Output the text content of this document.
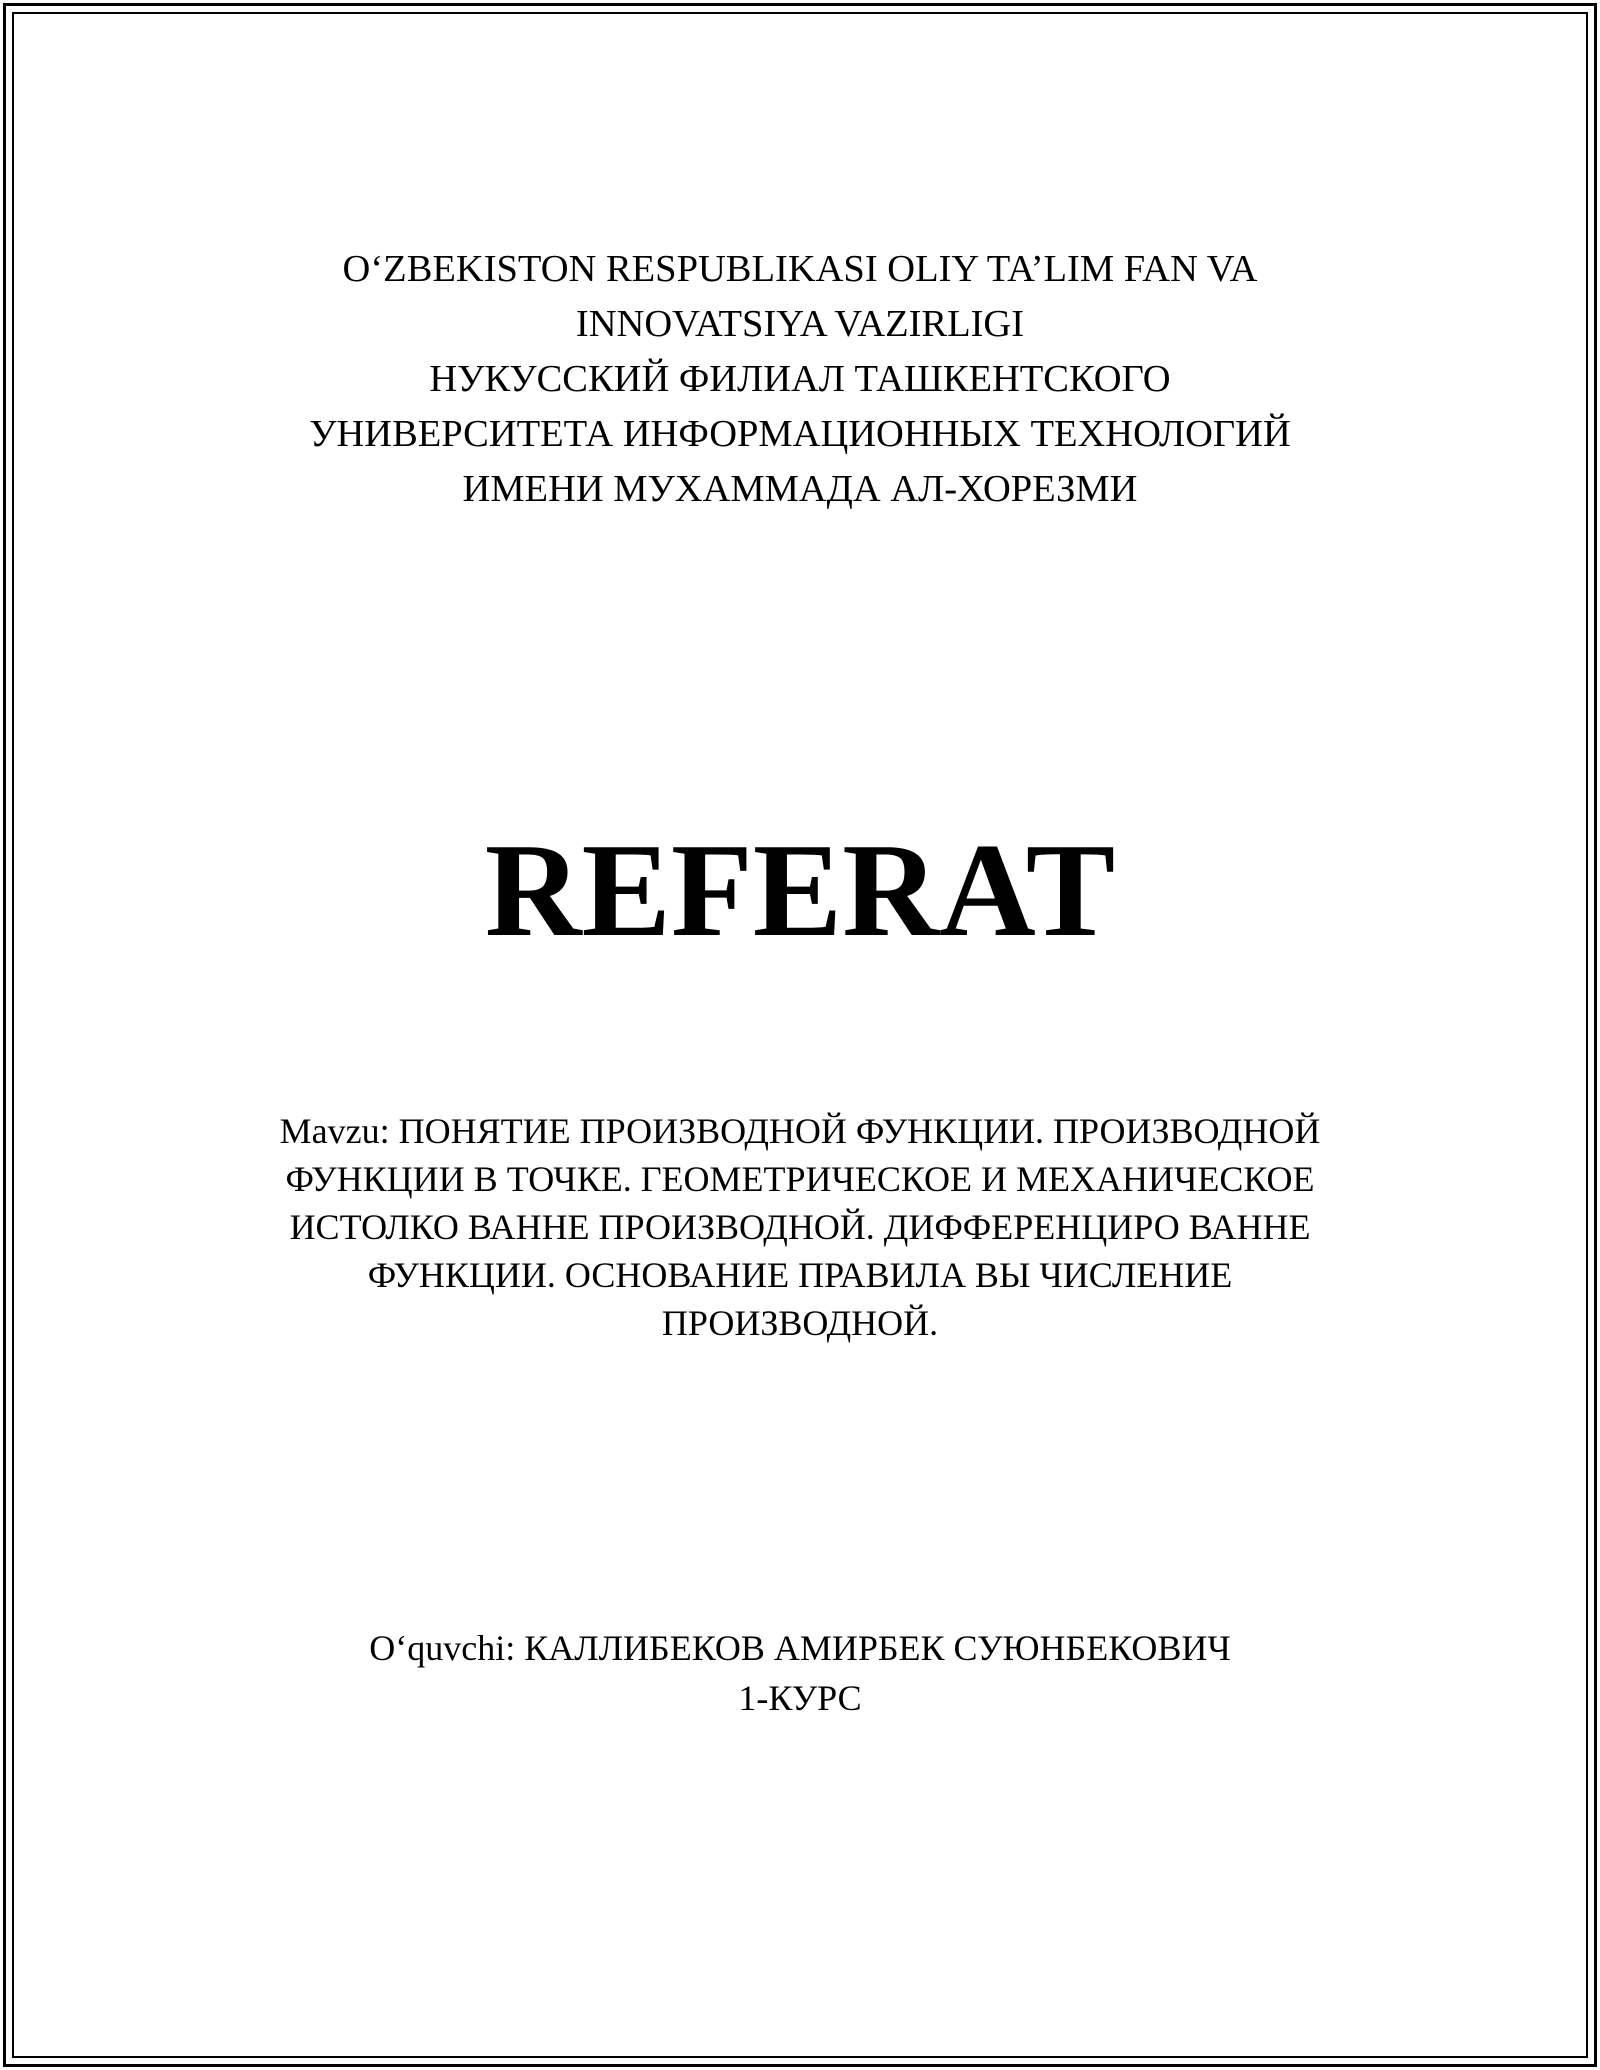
O‘ZBEKISTON RESPUBLIKASI OLIY TA’LIM FAN VA
INNOVATSIYA VAZIRLIGI
НУКУССКИЙ ФИЛИАЛ ТАШКЕНТСКОГО
УНИВЕРСИТЕТА ИНФОРМАЦИОННЫХ ТЕХНОЛОГИЙ
ИМЕНИ МУХАММАДА АЛ-ХОРЕЗМИ
REFERAT
Mavzu: ПОНЯТИЕ ПРОИЗВОДНОЙ ФУНКЦИИ. ПРОИЗВОДНОЙ
ФУНКЦИИ В ТОЧКЕ. ГЕОМЕТРИЧЕСКОЕ И МЕХАНИЧЕСКОЕ
ИСТОЛКО ВАННЕ ПРОИЗВОДНОЙ. ДИФФЕРЕНЦИРО ВАННЕ
ФУНКЦИИ. ОСНОВАНИЕ ПРАВИЛА ВЫ ЧИСЛЕНИЕ
ПРОИЗВОДНОЙ.
O‘quvchi: КАЛЛИБЕКОВ АМИРБЕК СУЮНБЕКОВИЧ
1-КУРС
